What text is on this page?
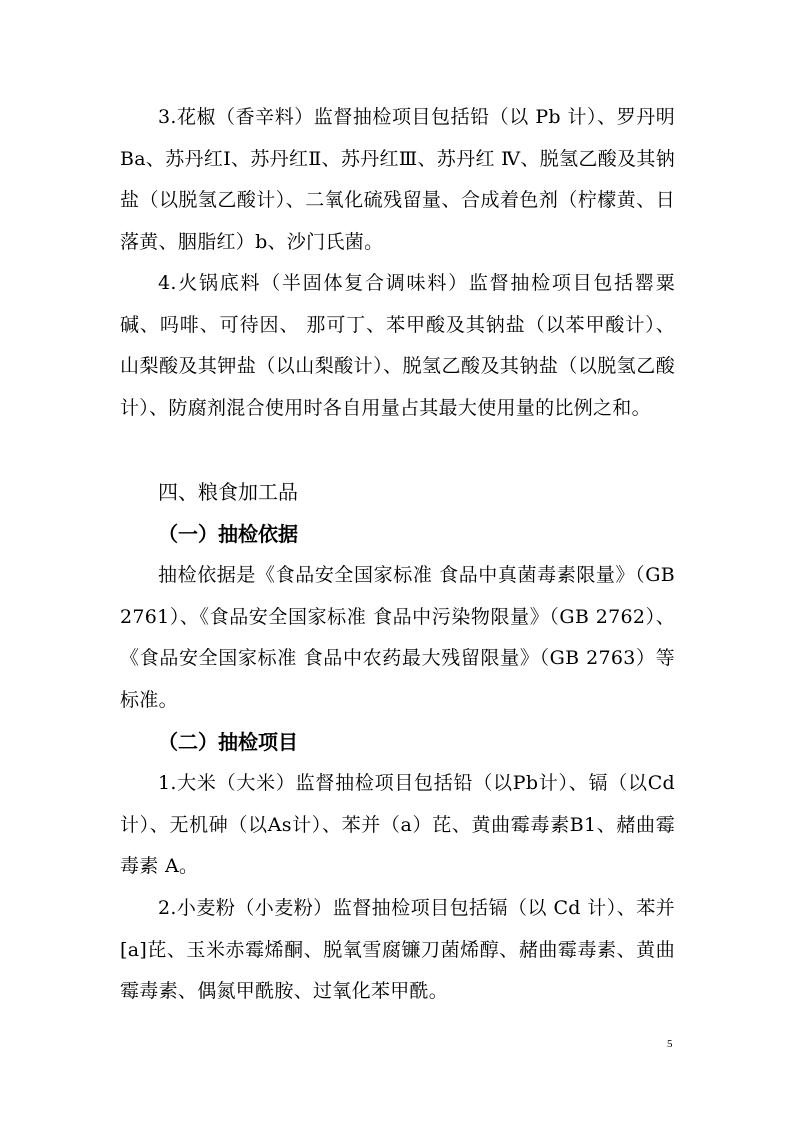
3.花椒（香辛料）监督抽检项目包括铅（以 Pb 计）、罗丹明 Ba、苏丹红Ⅰ、苏丹红Ⅱ、苏丹红Ⅲ、苏丹红 Ⅳ、脱氢乙酸及其钠盐（以脱氢乙酸计）、二氧化硫残留量、合成着色剂（柠檬黄、日落黄、胭脂红）b、沙门氏菌。

4.火锅底料（半固体复合调味料）监督抽检项目包括罂粟碱、吗啡、可待因、 那可丁、苯甲酸及其钠盐（以苯甲酸计）、山梨酸及其钾盐（以山梨酸计）、脱氢乙酸及其钠盐（以脱氢乙酸计）、防腐剂混合使用时各自用量占其最大使用量的比例之和。

四、粮食加工品

（一）抽检依据

抽检依据是《食品安全国家标准 食品中真菌毒素限量》（GB 2761）、《食品安全国家标准 食品中污染物限量》（GB 2762）、《食品安全国家标准 食品中农药最大残留限量》（GB 2763）等标准。

（二）抽检项目

1.大米（大米）监督抽检项目包括铅（以Pb计）、镉（以Cd计）、无机砷（以As计）、苯并（a）芘、黄曲霉毒素B1、赭曲霉毒素 A。

2.小麦粉（小麦粉）监督抽检项目包括镉（以 Cd 计）、苯并[a]芘、玉米赤霉烯酮、脱氧雪腐镰刀菌烯醇、赭曲霉毒素、黄曲霉毒素、偶氮甲酰胺、过氧化苯甲酰。

5
